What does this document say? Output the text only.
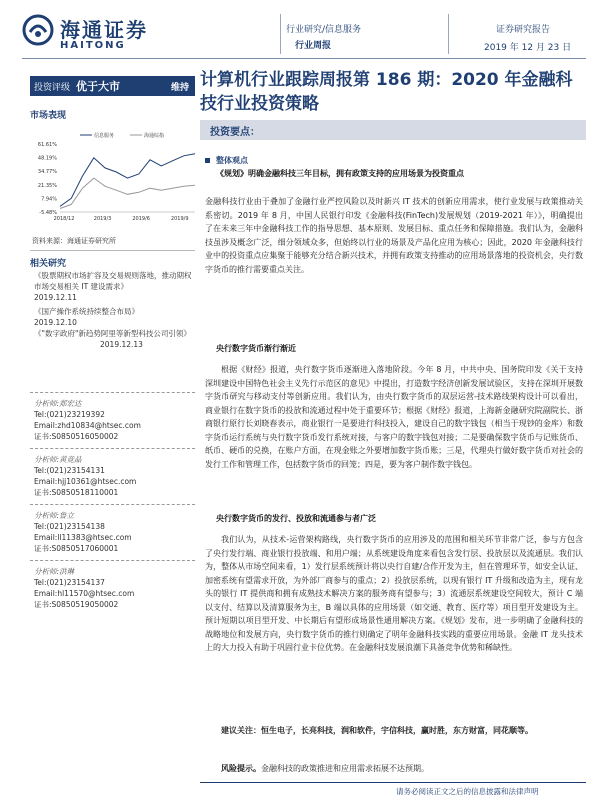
海通证券
HAITONG
行业研究/信息服务
行业周报
证券研究报告
2019 年 12 月 23 日
投资评级 优于大市	维持
市场表现
信息服务	海通综指
61.61%
48.19%
34.77%
21.35%
7.94%
-5.48%
2018/12	2019/3	2019/6	2019/9
资料来源：海通证券研究所
相关研究
《股票期权市场扩容及交易规则落地，推动期权市场交易相关 IT 建设需求》
2019.12.11
《国产操作系统持续整合布局》
2019.12.10
《"数字政府"新趋势阿里等新型科技公司引领》
2019.12.13
分析师:郑宏达
Tel:(021)23219392
Email:zhd10834@htsec.com
证书:S0850516050002
分析师:黄竞晶
Tel:(021)23154131
Email:hjj10361@htsec.com
证书:S0850518110001
分析师:鲁立
Tel:(021)23154138
Email:ll11383@htsec.com
证书:S0850517060001
分析师:洪琳
Tel:(021)23154137
Email:hl11570@htsec.com
证书:S0850519050002
计算机行业跟踪周报第 186 期：2020 年金融科技行业投资策略
投资要点：
整体观点
《规划》明确金融科技三年目标，拥有政策支持的应用场景为投资重点
金融科技行业由于叠加了金融行业严控风险以及时新兴 IT 技术的创新应用需求，使行业发展与政策推动关系密切。2019 年 8 月，中国人民银行印发《金融科技(FinTech)发展规划（2019-2021 年）》，明确提出了在未来三年中金融科技工作的指导思想、基本原则、发展目标、重点任务和保障措施。我们认为，金融科技虽涉及概念广泛，细分领域众多，但始终以行业的场景及产品化应用为核心；因此，2020 年金融科技行业中的投资重点应集聚于能够充分结合新兴技术，并拥有政策支持推动的应用场景落地的投资机会，央行数字货币的推行需要重点关注。
央行数字货币渐行渐近
根据《财经》报道，央行数字货币逐渐进入落地阶段。今年 8 月，中共中央、国务院印发《关于支持深圳建设中国特色社会主义先行示范区的意见》中提出，打造数字经济创新发展试验区，支持在深圳开展数字货币研究与移动支付等创新应用。我们认为，由央行数字货币的双层运营-技术路线架构设计可以看出，商业银行在数字货币的投放和流通过程中处于重要环节；根据《财经》报道，上海新金融研究院副院长、浙商银行原行长刘晓春表示，商业银行一是要进行科技投入，建设自己的数字钱包（相当于现钞的金库）和数字货币运行系统与央行数字货币发行系统对接，与客户的数字钱包对接；二是要确保数字货币与记账货币、纸币、硬币的兑换，在账户方面，在现金账之外要增加数字货币账；三是，代理央行做好数字货币对社会的发行工作和管理工作，包括数字货币的回笼；四是，要为客户制作数字钱包。
央行数字货币的发行、投放和流通参与者广泛
我们认为，从技术-运营架构路线，央行数字货币的应用涉及的范围和相关环节非常广泛，参与方包含了央行发行端、商业银行投放端、和用户端；从系统建设角度来看包含发行层、投放层以及流通层。我们认为，整体从市场空间来看，1）发行层系统预计将以央行自建/合作开发为主，但在管理环节，如安全认证、加密系统有望需求开放，为外部厂商参与的重点；2）投放层系统，以现有银行 IT 升级和改造为主，现有龙头的银行 IT 提供商和拥有成熟技术解决方案的服务商有望参与；3）流通层系统建设空间较大，预计 C 端以支付、结算以及清算服务为主，B 端以具体的应用场景（如交通、教育、医疗等）项目型开发建设为主。预计短期以项目型开发、中长期后有望形成场景性通用解决方案。《规划》发布，进一步明确了金融科技的战略地位和发展方向，央行数字货币的推行则确定了明年金融科技实践的重要应用场景。金融 IT 龙头技术上的大力投入有助于巩固行业卡位优势。在金融科技发展浪潮下具备竞争优势和稀缺性。
建议关注：恒生电子，长亮科技，润和软件，宇信科技，赢时胜，东方财富，同花顺等。
风险提示。金融科技的政策推进和应用需求拓展不达预期。
请务必阅读正文之后的信息披露和法律声明
